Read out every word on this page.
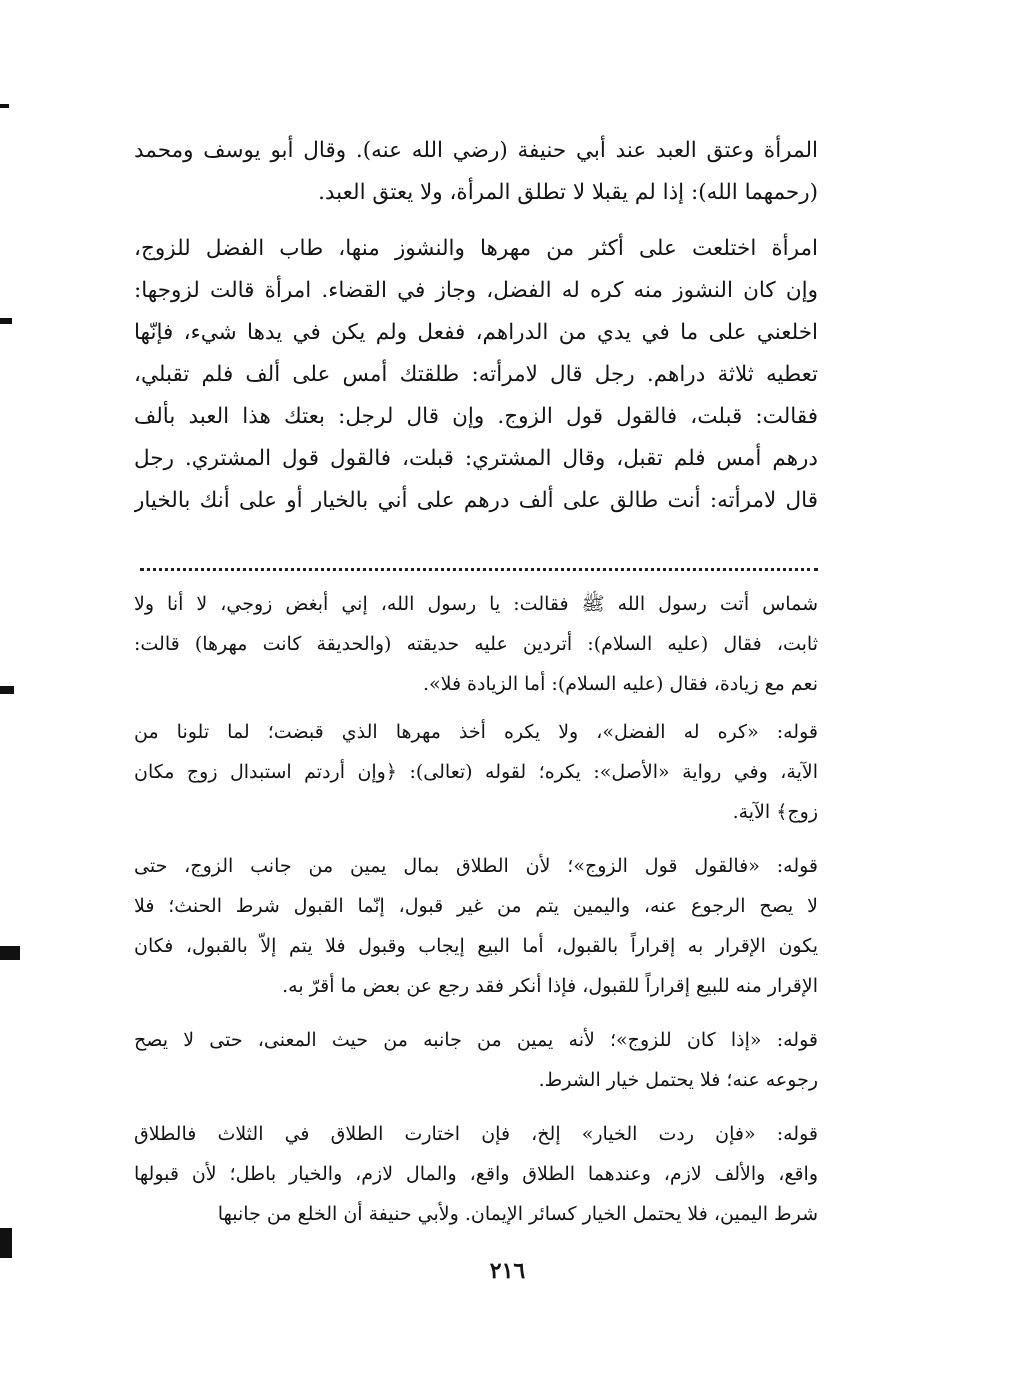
المرأة وعتق العبد عند أبي حنيفة (رضي الله عنه). وقال أبو يوسف ومحمد
(رحمهما الله): إذا لم يقبلا لا تطلق المرأة، ولا يعتق العبد.
امرأة اختلعت على أكثر من مهرها والنشوز منها، طاب الفضل للزوج،
وإن كان النشوز منه كره له الفضل، وجاز في القضاء. امرأة قالت لزوجها:
اخلعني على ما في يدي من الدراهم، ففعل ولم يكن في يدها شيء، فإنّها
تعطيه ثلاثة دراهم. رجل قال لامرأته: طلقتك أمس على ألف فلم تقبلي،
فقالت: قبلت، فالقول قول الزوج. وإن قال لرجل: بعتك هذا العبد بألف
درهم أمس فلم تقبل، وقال المشتري: قبلت، فالقول قول المشتري. رجل
قال لامرأته: أنت طالق على ألف درهم على أني بالخيار أو على أنك بالخيار
شماس أتت رسول الله ﷺ فقالت: يا رسول الله، إني أبغض زوجي، لا أنا ولا
ثابت، فقال (عليه السلام): أتردين عليه حديقته (والحديقة كانت مهرها) قالت:
نعم مع زيادة، فقال (عليه السلام): أما الزيادة فلا».
قوله: «كره له الفضل»، ولا يكره أخذ مهرها الذي قبضت؛ لما تلونا من
الآية، وفي رواية «الأصل»: يكره؛ لقوله (تعالى): ﴿وإن أردتم استبدال زوج مكان
زوج﴾ الآية.
قوله: «فالقول قول الزوج»؛ لأن الطلاق بمال يمين من جانب الزوج، حتى
لا يصح الرجوع عنه، واليمين يتم من غير قبول، إنّما القبول شرط الحنث؛ فلا
يكون الإقرار به إقراراً بالقبول، أما البيع إيجاب وقبول فلا يتم إلاّ بالقبول، فكان
الإقرار منه للبيع إقراراً للقبول، فإذا أنكر فقد رجع عن بعض ما أقرّ به.
قوله: «إذا كان للزوج»؛ لأنه يمين من جانبه من حيث المعنى، حتى لا يصح
رجوعه عنه؛ فلا يحتمل خيار الشرط.
قوله: «فإن ردت الخيار» إلخ، فإن اختارت الطلاق في الثلاث فالطلاق
واقع، والألف لازم، وعندهما الطلاق واقع، والمال لازم، والخيار باطل؛ لأن قبولها
شرط اليمين، فلا يحتمل الخيار كسائر الإيمان. ولأبي حنيفة أن الخلع من جانبها
٢١٦
